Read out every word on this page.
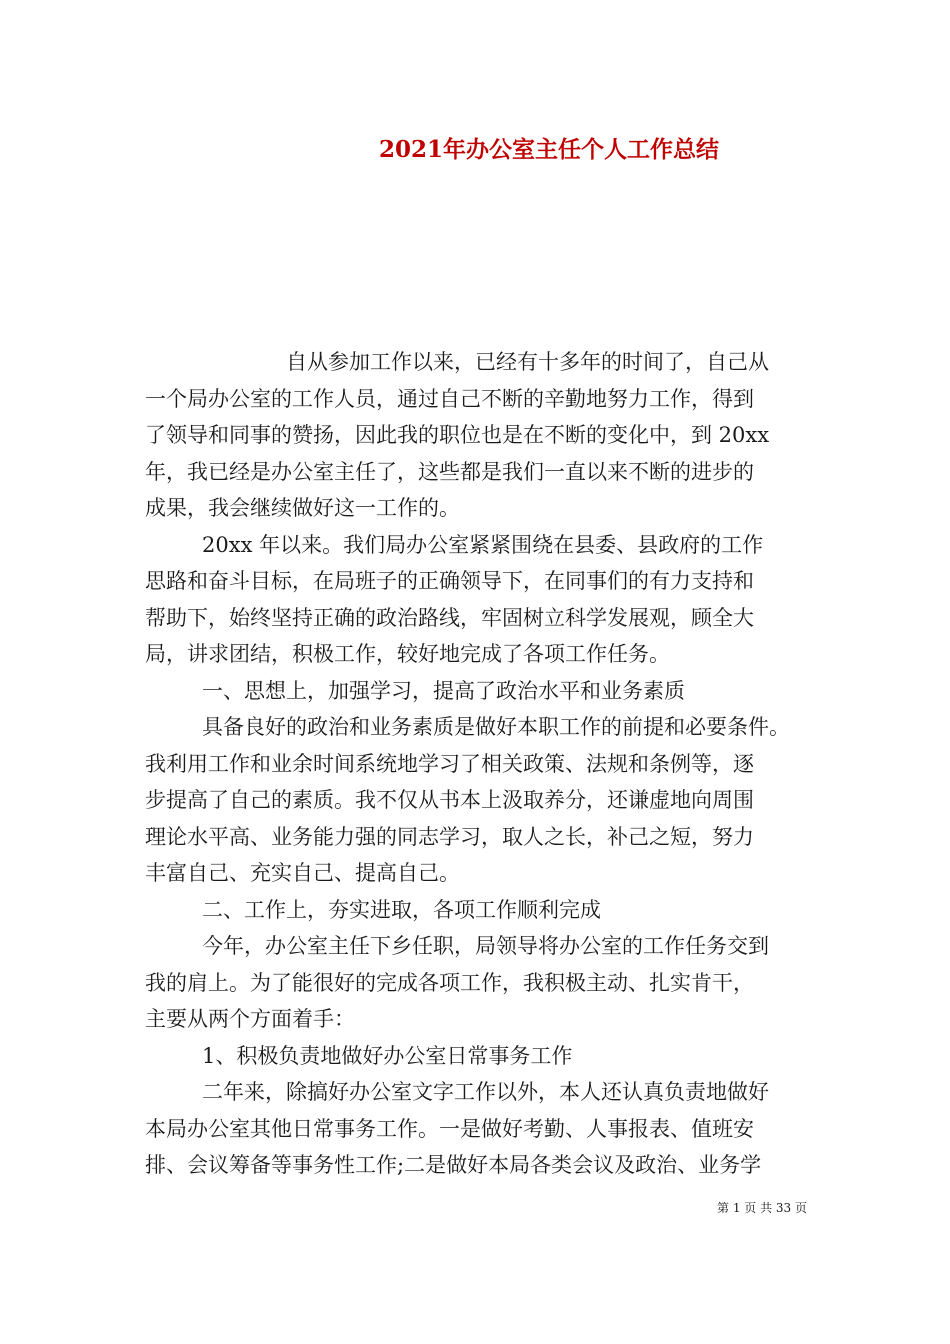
2021年办公室主任个人工作总结
自从参加工作以来，已经有十多年的时间了，自己从
一个局办公室的工作人员，通过自己不断的辛勤地努力工作，得到
了领导和同事的赞扬，因此我的职位也是在不断的变化中，到 20xx
年，我已经是办公室主任了，这些都是我们一直以来不断的进步的
成果，我会继续做好这一工作的。
20xx 年以来。我们局办公室紧紧围绕在县委、县政府的工作
思路和奋斗目标，在局班子的正确领导下，在同事们的有力支持和
帮助下，始终坚持正确的政治路线，牢固树立科学发展观，顾全大
局，讲求团结，积极工作，较好地完成了各项工作任务。
一、思想上，加强学习，提高了政治水平和业务素质
具备良好的政治和业务素质是做好本职工作的前提和必要条件。
我利用工作和业余时间系统地学习了相关政策、法规和条例等，逐
步提高了自己的素质。我不仅从书本上汲取养分，还谦虚地向周围
理论水平高、业务能力强的同志学习，取人之长，补己之短，努力
丰富自己、充实自己、提高自己。
二、工作上，夯实进取，各项工作顺利完成
今年，办公室主任下乡任职，局领导将办公室的工作任务交到
我的肩上。为了能很好的完成各项工作，我积极主动、扎实肯干，
主要从两个方面着手：
1、积极负责地做好办公室日常事务工作
二年来，除搞好办公室文字工作以外，本人还认真负责地做好
本局办公室其他日常事务工作。一是做好考勤、人事报表、值班安
排、会议筹备等事务性工作;二是做好本局各类会议及政治、业务学
第 1 页 共 33 页
